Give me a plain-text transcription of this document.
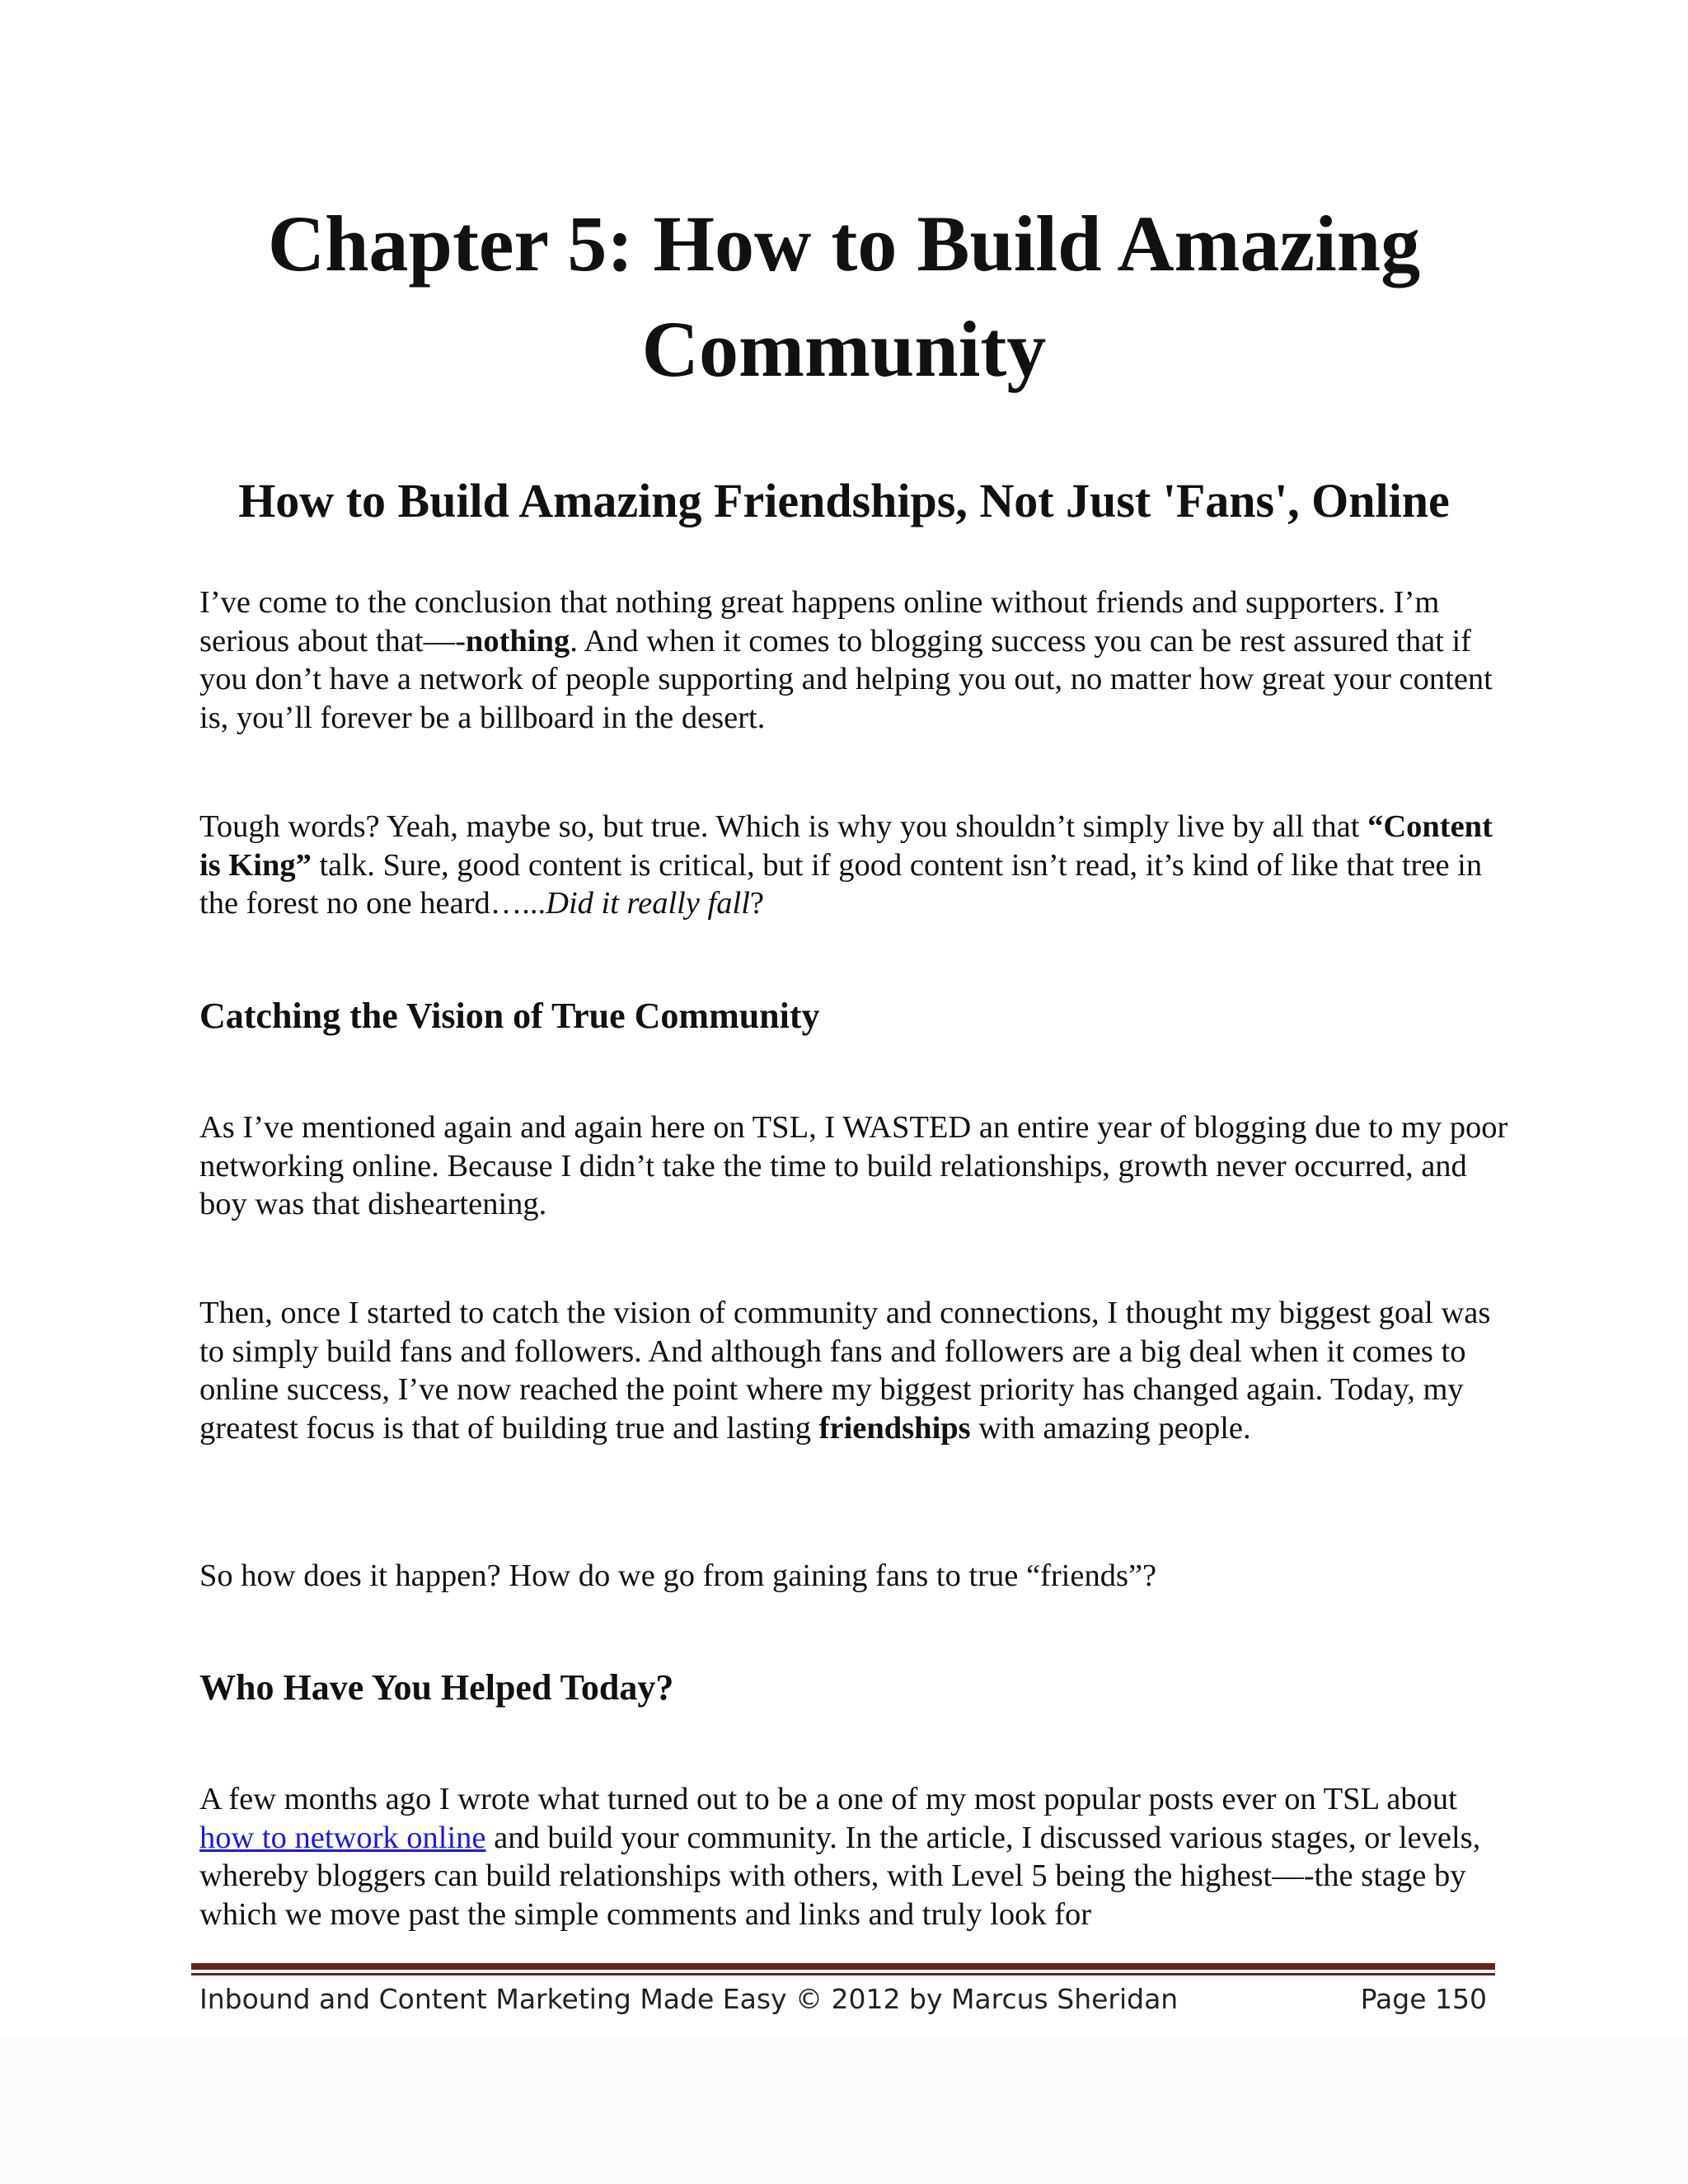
Chapter 5: How to Build Amazing
Community
How to Build Amazing Friendships, Not Just 'Fans', Online

I’ve come to the conclusion that nothing great happens online without friends and supporters. I’m serious about that—-nothing. And when it comes to blogging success you can be rest assured that if you don’t have a network of people supporting and helping you out, no matter how great your content is, you’ll forever be a billboard in the desert.

Tough words? Yeah, maybe so, but true. Which is why you shouldn’t simply live by all that “Content is King” talk. Sure, good content is critical, but if good content isn’t read, it’s kind of like that tree in the forest no one heard…...Did it really fall?

Catching the Vision of True Community

As I’ve mentioned again and again here on TSL, I WASTED an entire year of blogging due to my poor networking online. Because I didn’t take the time to build relationships, growth never occurred, and boy was that disheartening.

Then, once I started to catch the vision of community and connections, I thought my biggest goal was to simply build fans and followers. And although fans and followers are a big deal when it comes to online success, I’ve now reached the point where my biggest priority has changed again. Today, my greatest focus is that of building true and lasting friendships with amazing people.

So how does it happen? How do we go from gaining fans to true “friends”?

Who Have You Helped Today?

A few months ago I wrote what turned out to be a one of my most popular posts ever on TSL about how to network online and build your community. In the article, I discussed various stages, or levels, whereby bloggers can build relationships with others, with Level 5 being the highest—-the stage by which we move past the simple comments and links and truly look for

Inbound and Content Marketing Made Easy © 2012 by Marcus Sheridan	Page 150
